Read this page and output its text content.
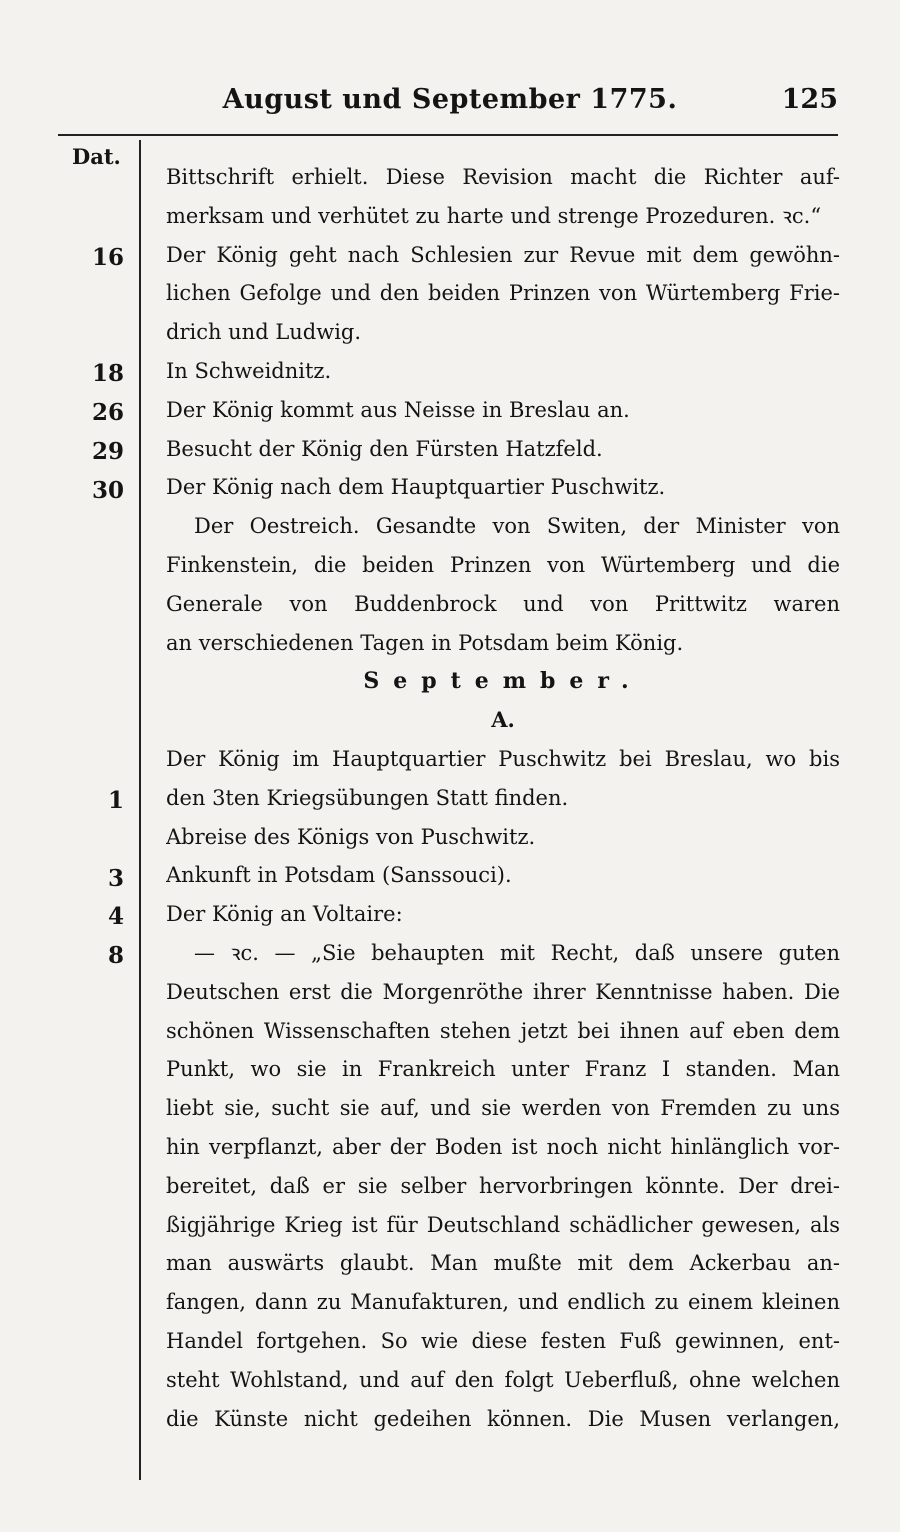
August und September 1775.	125
Dat.
16
18
26
29
30
1
3
4
8
Bittschrift erhielt. Diese Revision macht die Richter auf-
merksam und verhütet zu harte und strenge Prozeduren. ꝛc.“
Der König geht nach Schlesien zur Revue mit dem gewöhn-
lichen Gefolge und den beiden Prinzen von Würtemberg Frie-
drich und Ludwig.
In Schweidnitz.
Der König kommt aus Neisse in Breslau an.
Besucht der König den Fürsten Hatzfeld.
Der König nach dem Hauptquartier Puschwitz.
Der Oestreich. Gesandte von Switen, der Minister von
Finkenstein, die beiden Prinzen von Würtemberg und die
Generale von Buddenbrock und von Prittwitz waren
an verschiedenen Tagen in Potsdam beim König.
September.
A.
Der König im Hauptquartier Puschwitz bei Breslau, wo bis
den 3ten Kriegsübungen Statt finden.
Abreise des Königs von Puschwitz.
Ankunft in Potsdam (Sanssouci).
Der König an Voltaire:
— ꝛc. — „Sie behaupten mit Recht, daß unsere guten
Deutschen erst die Morgenröthe ihrer Kenntnisse haben. Die
schönen Wissenschaften stehen jetzt bei ihnen auf eben dem
Punkt, wo sie in Frankreich unter Franz I standen. Man
liebt sie, sucht sie auf, und sie werden von Fremden zu uns
hin verpflanzt, aber der Boden ist noch nicht hinlänglich vor-
bereitet, daß er sie selber hervorbringen könnte. Der drei-
ßigjährige Krieg ist für Deutschland schädlicher gewesen, als
man auswärts glaubt. Man mußte mit dem Ackerbau an-
fangen, dann zu Manufakturen, und endlich zu einem kleinen
Handel fortgehen. So wie diese festen Fuß gewinnen, ent-
steht Wohlstand, und auf den folgt Ueberfluß, ohne welchen
die Künste nicht gedeihen können. Die Musen verlangen,
